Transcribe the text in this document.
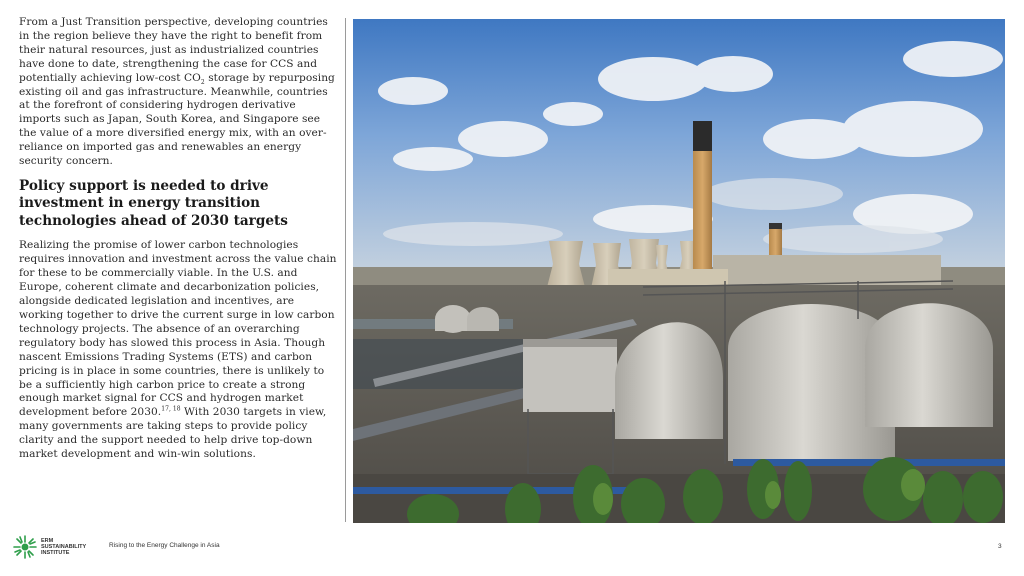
From a Just Transition perspective, developing countries in the region believe they have the right to benefit from their natural resources, just as industrialized countries have done to date, strengthening the case for CCS and potentially achieving low-cost $CO_2$ storage by repurposing existing oil and gas infrastructure. Meanwhile, countries at the forefront of considering hydrogen derivative imports such as Japan, South Korea, and Singapore see the value of a more diversified energy mix, with an over-reliance on imported gas and renewables an energy security concern.

Policy support is needed to drive investment in energy transition technologies ahead of 2030 targets

Realizing the promise of lower carbon technologies requires innovation and investment across the value chain for these to be commercially viable. In the U.S. and Europe, coherent climate and decarbonization policies, alongside dedicated legislation and incentives, are working together to drive the current surge in low carbon technology projects. The absence of an overarching regulatory body has slowed this process in Asia. Though nascent Emissions Trading Systems (ETS) and carbon pricing is in place in some countries, there is unlikely to be a sufficiently high carbon price to create a strong enough market signal for CCS and hydrogen market development before 2030.$^{17, 18}$ With 2030 targets in view, many governments are taking steps to provide policy clarity and the support needed to help drive top-down market development and win-win solutions.

ERM
SUSTAINABILITY
INSTITUTE
Rising to the Energy Challenge in Asia	3
